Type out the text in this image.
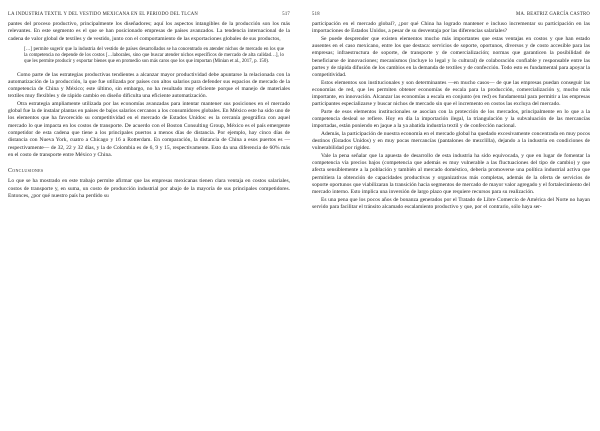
LA INDUSTRIA TEXTIL Y DEL VESTIDO MEXICANA EN EL PERIODO DEL TLCAN	517

pantes del proceso productivo, principalmente los diseñadores; aquí los aspectos intangibles de la producción son los más relevantes. En este segmento es el que se han posicionado empresas de países avanzados. La tendencia internacional de la cadena de valor global de textiles y de vestido, junto con el comportamiento de las exportaciones globales de sus productos,

[…] permite sugerir que la industria del vestido de países desarrollados se ha concentrado en atender nichos de mercado en los que la competencia no depende de los costos […laborales, sino que buscar atender nichos específicos de mercado de alta calidad…], lo que les permite producir y exportar bienes que en promedio son más caros que los que importan (Minian et al., 2017, p. 150).

Como parte de las estrategias productivas tendientes a alcanzar mayor productividad debe apuntarse la relacionada con la automatización de la producción, la que fue utilizada por países con altos salarios para defender sus espacios de mercado de la competencia de China y México; este último, sin embargo, no ha resultado muy eficiente porque el manejo de materiales textiles muy flexibles y de rápido cambio en diseño dificulta una eficiente automatización.

Otra estrategia ampliamente utilizada por las economías avanzadas para intentar mantener sus posiciones en el mercado global fue la de instalar plantas en países de bajos salarios cercanos a los consumidores globales. En México este ha sido uno de los elementos que ha favorecido su competitividad en el mercado de Estados Unidos: es la cercanía geográfica con aquel mercado lo que impacta en los costos de transporte. De acuerdo con el Boston Consulting Group, México es el país emergente competidor de esta cadena que tiene a los principales puertos a menos días de distancia. Por ejemplo, hay cinco días de distancia con Nueva York, cuatro a Chicago y 16 a Rotterdam. En comparación, la distancia de China a esos puertos es —respectivamente— de 32, 22 y 32 días, y la de Colombia es de 6, 9 y 15, respectivamente. Esto da una diferencia de 60% más en el costo de transporte entre México y China.

Conclusiones

Lo que se ha mostrado en este trabajo permite afirmar que las empresas mexicanas tienen clara ventaja en costos salariales, costos de transporte y, en suma, un costo de producción industrial por abajo de la mayoría de sus principales competidores. Entonces, ¿por qué nuestro país ha perdido su

518	MA. BEATRIZ GARCÍA CASTRO

participación en el mercado global?, ¿por qué China ha logrado mantener e incluso incrementar su participación en las importaciones de Estados Unidos, a pesar de su desventaja por las diferencias salariales?

Se puede desprender que existen elementos mucho más importantes que estas ventajas en costos y que han estado ausentes en el caso mexicano, entre los que destaca: servicios de soporte, oportunos, diversos y de costo accesible para las empresas; infraestructura de soporte, de transporte y de comercialización; normas que garanticen la posibilidad de beneficiarse de innovaciones; mecanismos (incluye lo legal y lo cultural) de colaboración confiable y responsable entre las partes y de rápida difusión de los cambios en la demanda de textiles y de confección. Todo esto es fundamental para apoyar la competitividad.

Estos elementos son institucionales y son determinantes —en mucho casos— de que las empresas puedan conseguir las economías de red, que les permiten obtener economías de escala para la producción, comercialización y, mucho más importante, en innovación. Alcanzar las economías a escala en conjunto (en red) es fundamental para permitir a las empresas participantes especializarse y buscar nichos de mercado sin que el incremento en costos las excluya del mercado.

Parte de esos elementos institucionales se asocian con la protección de los mercados, principalmente en lo que a la competencia desleal se refiere. Hoy en día la importación ilegal, la triangulación y la subvaluación de las mercancías importadas, están poniendo en jaque a la ya abatida industria textil y de confección nacional.

Además, la participación de nuestra economía en el mercado global ha quedado excesivamente concentrada en muy pocos destinos (Estados Unidos) y en muy pocas mercancías (pantalones de mezclilla), dejando a la industria en condiciones de vulnerabilidad por rigidez.

Vale la pena señalar que la apuesta de desarrollo de esta industria ha sido equivocada, y que en lugar de fomentar la competencia vía precios bajos (competencia que además es muy vulnerable a las fluctuaciones del tipo de cambio) y que afecta sensiblemente a la población y también al mercado doméstico, debería promoverse una política industrial activa que permitiera la obtención de capacidades productivas y organizativas más completas, además de la oferta de servicios de soporte oportunos que viabilizaran la transición hacia segmentos de mercado de mayor valor agregado y el fortalecimiento del mercado interno. Esto implica una inversión de largo plazo que requiere recursos para su realización.

Es una pena que los pocos años de bonanza generados por el Tratado de Libre Comercio de América del Norte no hayan servido para facilitar el tránsito alcamado escalamiento productivo y que, por el contrario, sólo haya ser-
